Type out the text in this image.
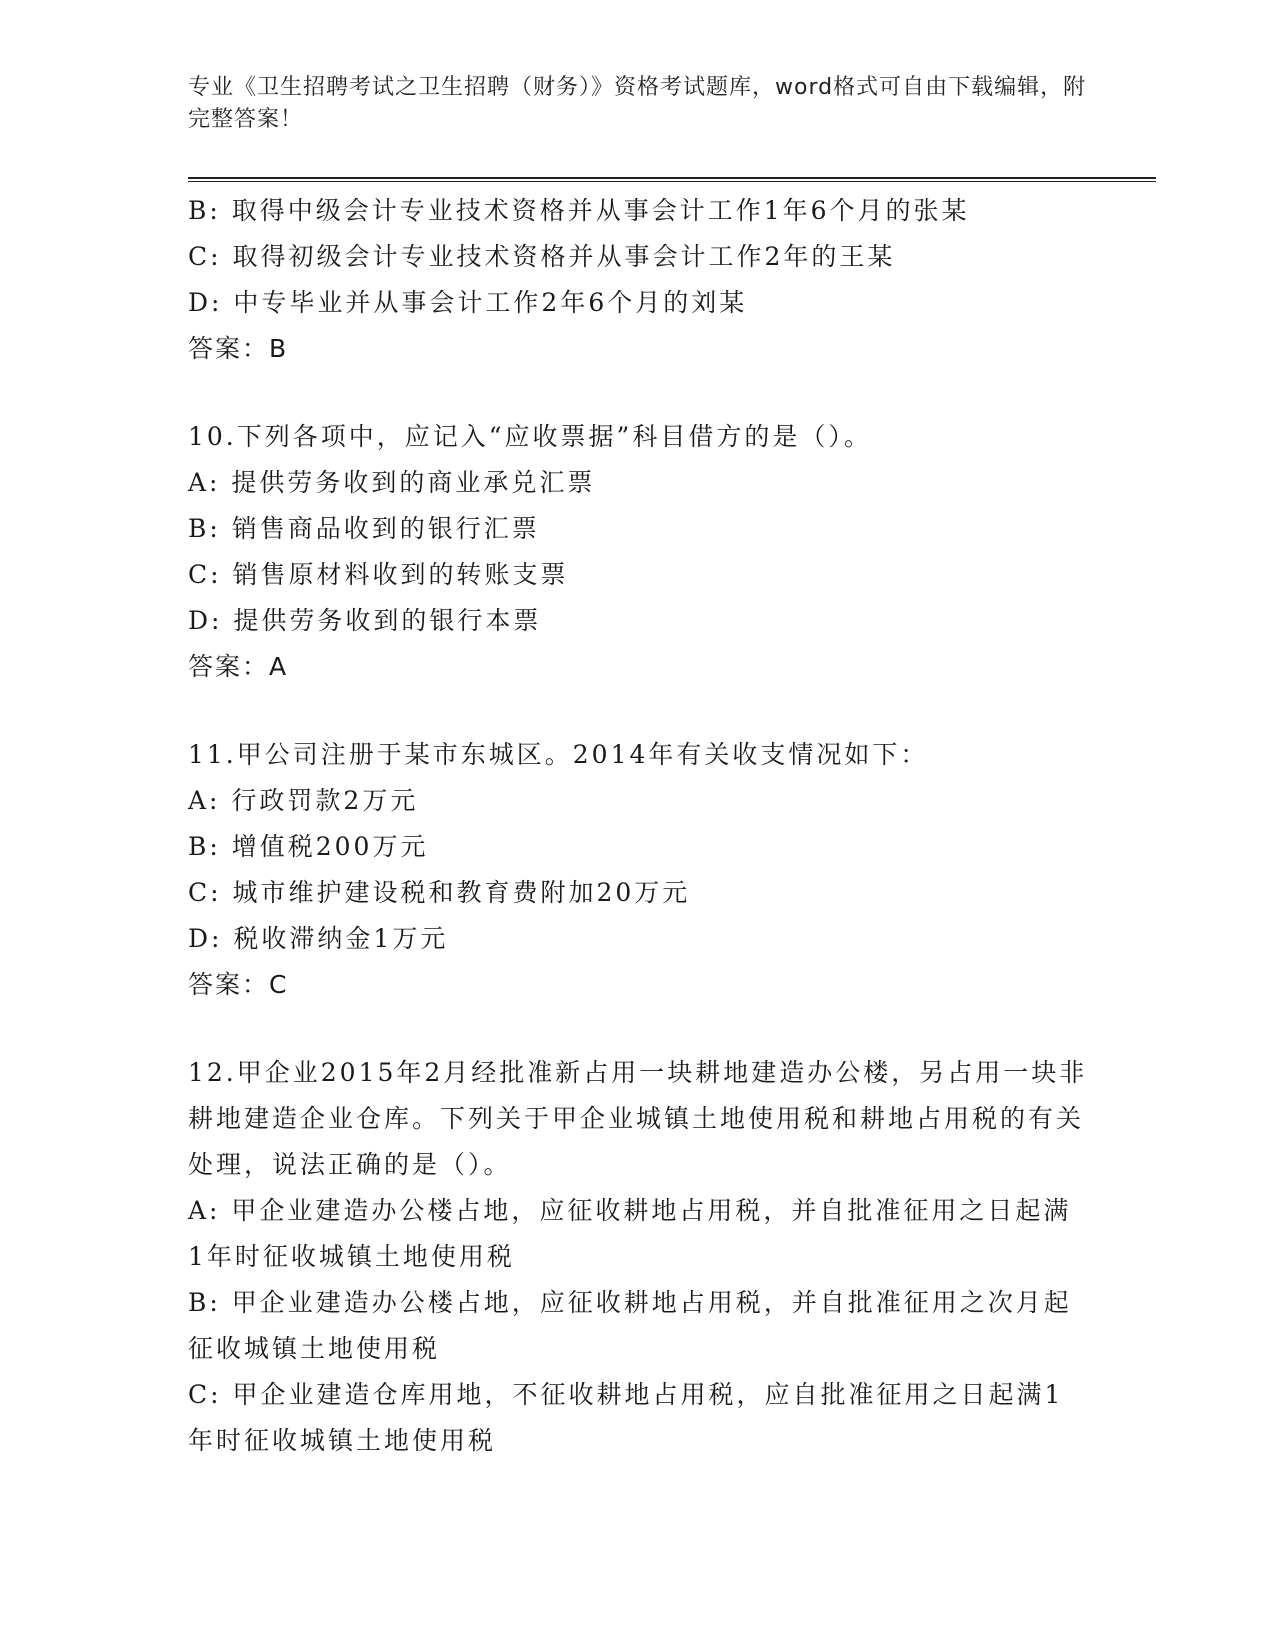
专业《卫生招聘考试之卫生招聘（财务）》资格考试题库，word格式可自由下载编辑，附完整答案！
B: 取得中级会计专业技术资格并从事会计工作1年6个月的张某
C: 取得初级会计专业技术资格并从事会计工作2年的王某
D: 中专毕业并从事会计工作2年6个月的刘某
答案：B
10.下列各项中，应记入“应收票据”科目借方的是（）。
A: 提供劳务收到的商业承兑汇票
B: 销售商品收到的银行汇票
C: 销售原材料收到的转账支票
D: 提供劳务收到的银行本票
答案：A
11.甲公司注册于某市东城区。2014年有关收支情况如下：
A: 行政罚款2万元
B: 增值税200万元
C: 城市维护建设税和教育费附加20万元
D: 税收滞纳金1万元
答案：C
12.甲企业2015年2月经批准新占用一块耕地建造办公楼，另占用一块非耕地建造企业仓库。下列关于甲企业城镇土地使用税和耕地占用税的有关处理，说法正确的是（）。
A: 甲企业建造办公楼占地，应征收耕地占用税，并自批准征用之日起满1年时征收城镇土地使用税
B: 甲企业建造办公楼占地，应征收耕地占用税，并自批准征用之次月起征收城镇土地使用税
C: 甲企业建造仓库用地，不征收耕地占用税，应自批准征用之日起满1年时征收城镇土地使用税
